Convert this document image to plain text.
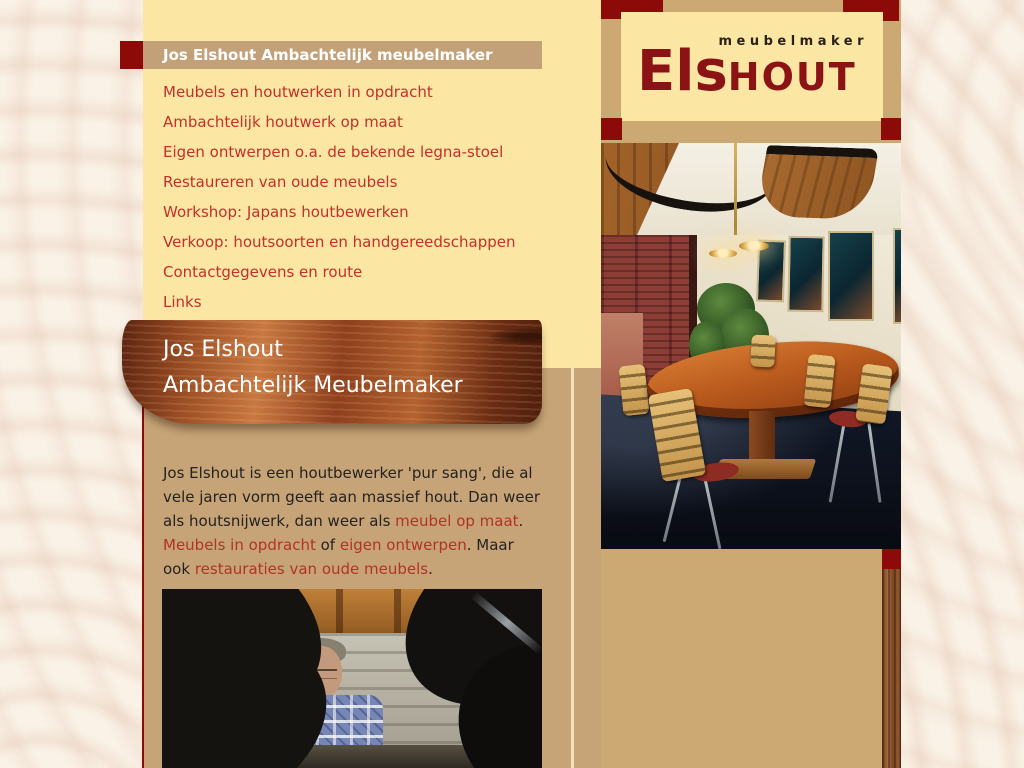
Jos Elshout Ambachtelijk meubelmaker
Meubels en houtwerken in opdracht
Ambachtelijk houtwerk op maat
Eigen ontwerpen o.a. de bekende legna-stoel
Restaureren van oude meubels
Workshop: Japans houtbewerken
Verkoop: houtsoorten en handgereedschappen
Contactgegevens en route
Links
Jos Elshout
Ambachtelijk Meubelmaker

Jos Elshout is een houtbewerker 'pur sang', die al vele jaren vorm geeft aan massief hout. Dan weer als houtsnijwerk, dan weer als meubel op maat. Meubels in opdracht of eigen ontwerpen. Maar ook restauraties van oude meubels.

meubelmaker
ElsHOUT
